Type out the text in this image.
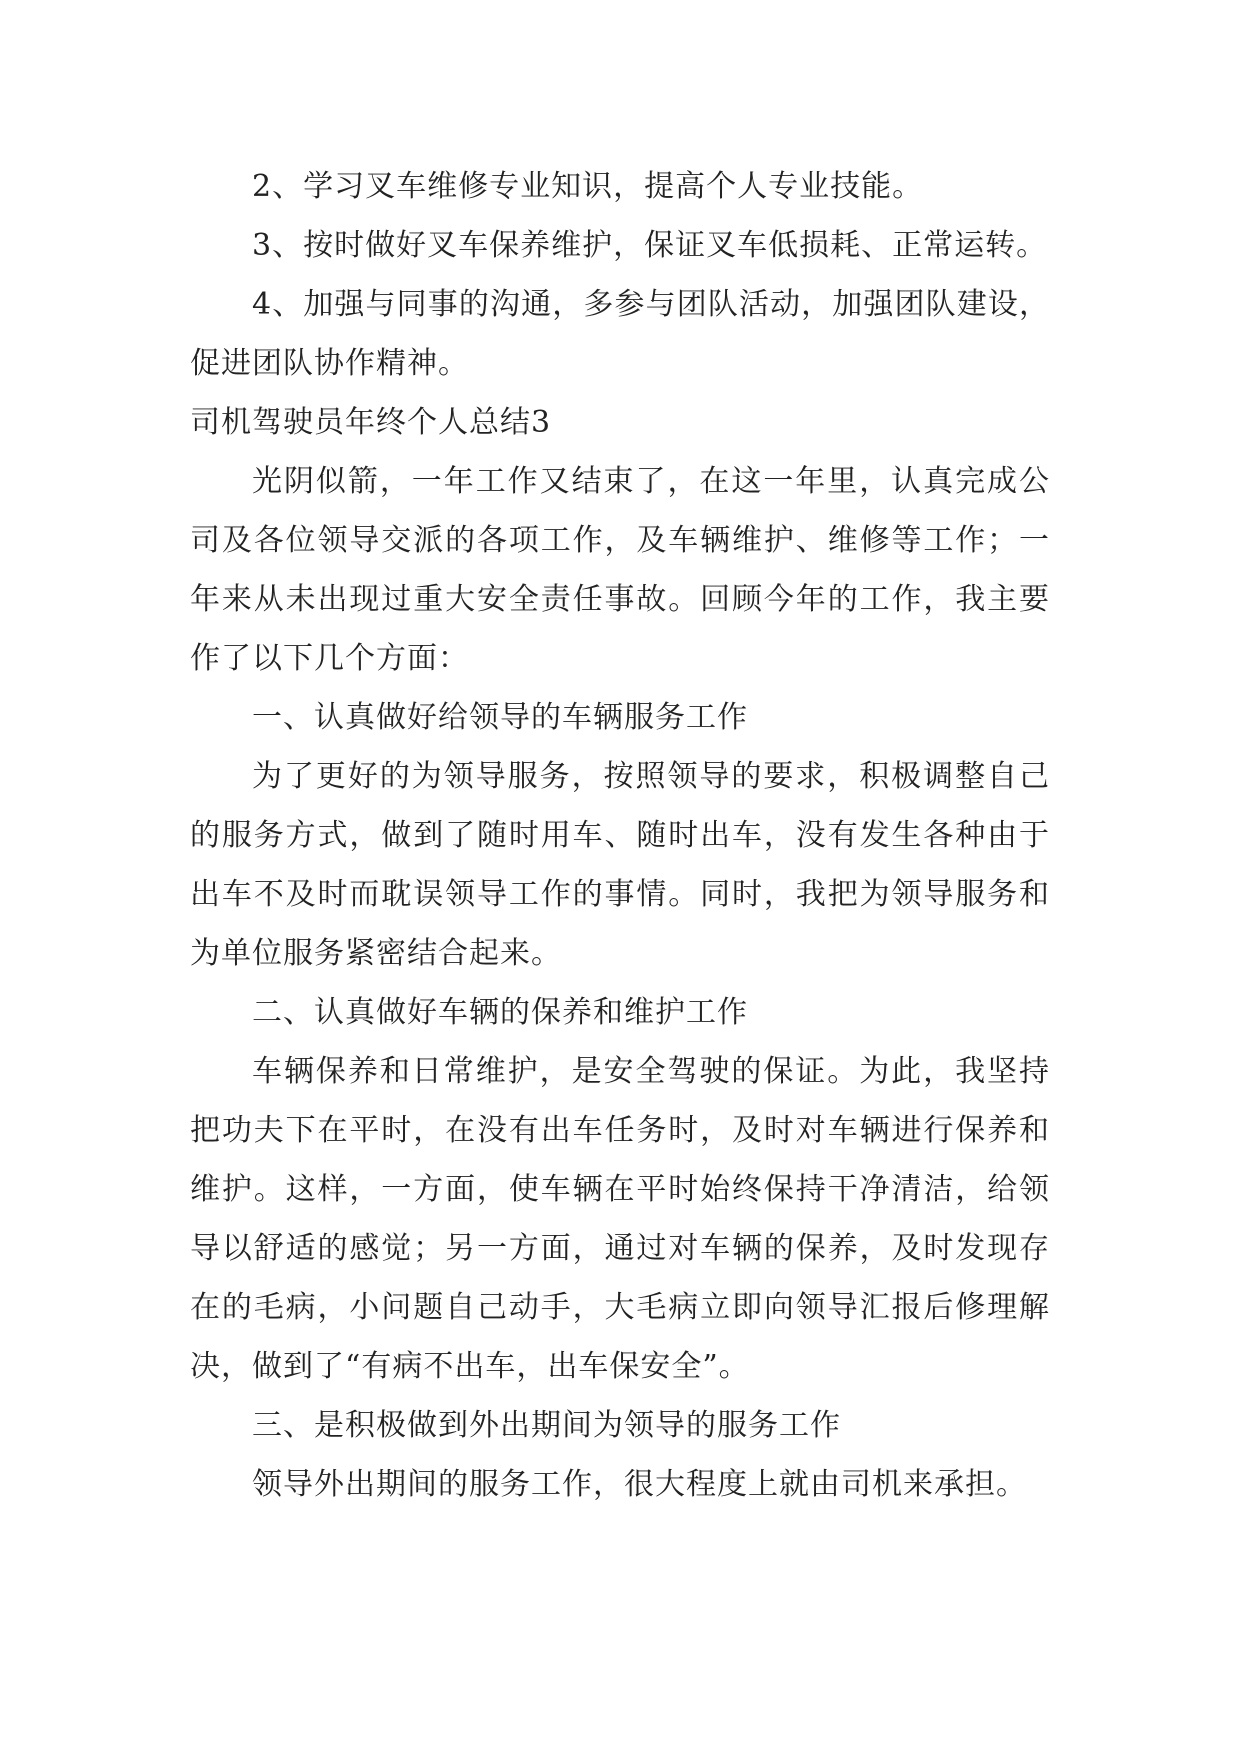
2、学习叉车维修专业知识，提高个人专业技能。

3、按时做好叉车保养维护，保证叉车低损耗、正常运转。

4、加强与同事的沟通，多参与团队活动，加强团队建设，促进团队协作精神。

司机驾驶员年终个人总结3

光阴似箭，一年工作又结束了，在这一年里，认真完成公司及各位领导交派的各项工作，及车辆维护、维修等工作；一年来从未出现过重大安全责任事故。回顾今年的工作，我主要作了以下几个方面：

一、认真做好给领导的车辆服务工作

为了更好的为领导服务，按照领导的要求，积极调整自己的服务方式，做到了随时用车、随时出车，没有发生各种由于出车不及时而耽误领导工作的事情。同时，我把为领导服务和为单位服务紧密结合起来。

二、认真做好车辆的保养和维护工作

车辆保养和日常维护，是安全驾驶的保证。为此，我坚持把功夫下在平时，在没有出车任务时，及时对车辆进行保养和维护。这样，一方面，使车辆在平时始终保持干净清洁，给领导以舒适的感觉；另一方面，通过对车辆的保养，及时发现存在的毛病，小问题自己动手，大毛病立即向领导汇报后修理解决，做到了“有病不出车，出车保安全”。

三、是积极做到外出期间为领导的服务工作

领导外出期间的服务工作，很大程度上就由司机来承担。
